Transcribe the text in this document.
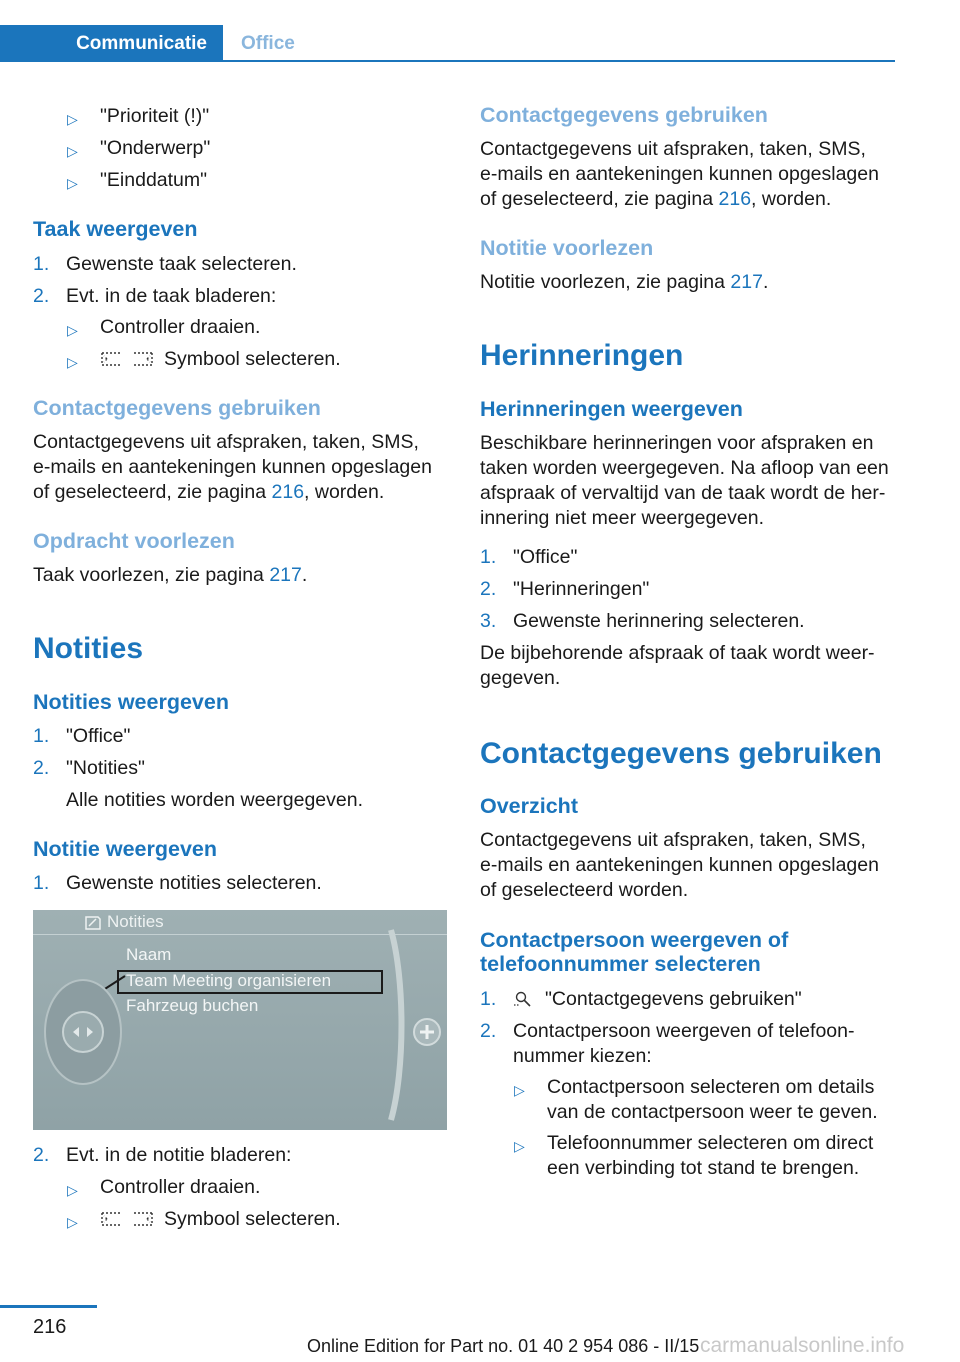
Communicatie	Office
▷ "Prioriteit (!)"
▷ "Onderwerp"
▷ "Einddatum"
Taak weergeven
1. Gewenste taak selecteren.
2. Evt. in de taak bladeren:
▷ Controller draaien.
▷	Symbool selecteren.
Contactgegevens gebruiken
Contactgegevens uit afspraken, taken, SMS,
e-mails en aantekeningen kunnen opgeslagen
of geselecteerd, zie pagina 216, worden.
Opdracht voorlezen
Taak voorlezen, zie pagina 217.
Notities
Notities weergeven
1. "Office"
2. "Notities"
Alle notities worden weergegeven.
Notitie weergeven
1. Gewenste notities selecteren.
2. Evt. in de notitie bladeren:
▷ Controller draaien.
▷	Symbool selecteren.
Notities
Naam
Team Meeting organisieren
Fahrzeug buchen
Contactgegevens gebruiken
Contactgegevens uit afspraken, taken, SMS,
e-mails en aantekeningen kunnen opgeslagen
of geselecteerd, zie pagina 216, worden.
Notitie voorlezen
Notitie voorlezen, zie pagina 217.
Herinneringen
Herinneringen weergeven
Beschikbare herinneringen voor afspraken en
taken worden weergegeven. Na afloop van een
afspraak of vervaltijd van de taak wordt de her-
innering niet meer weergegeven.
1. "Office"
2. "Herinneringen"
3. Gewenste herinnering selecteren.
De bijbehorende afspraak of taak wordt weer-
gegeven.
Contactgegevens gebruiken
Overzicht
Contactgegevens uit afspraken, taken, SMS,
e-mails en aantekeningen kunnen opgeslagen
of geselecteerd worden.
Contactpersoon weergeven of
telefoonnummer selecteren
1.	"Contactgegevens gebruiken"
2. Contactpersoon weergeven of telefoon-
nummer kiezen:
▷ Contactpersoon selecteren om details
van de contactpersoon weer te geven.
▷ Telefoonnummer selecteren om direct
een verbinding tot stand te brengen.
216
Online Edition for Part no. 01 40 2 954 086 - II/15 carmanualsonline.info
